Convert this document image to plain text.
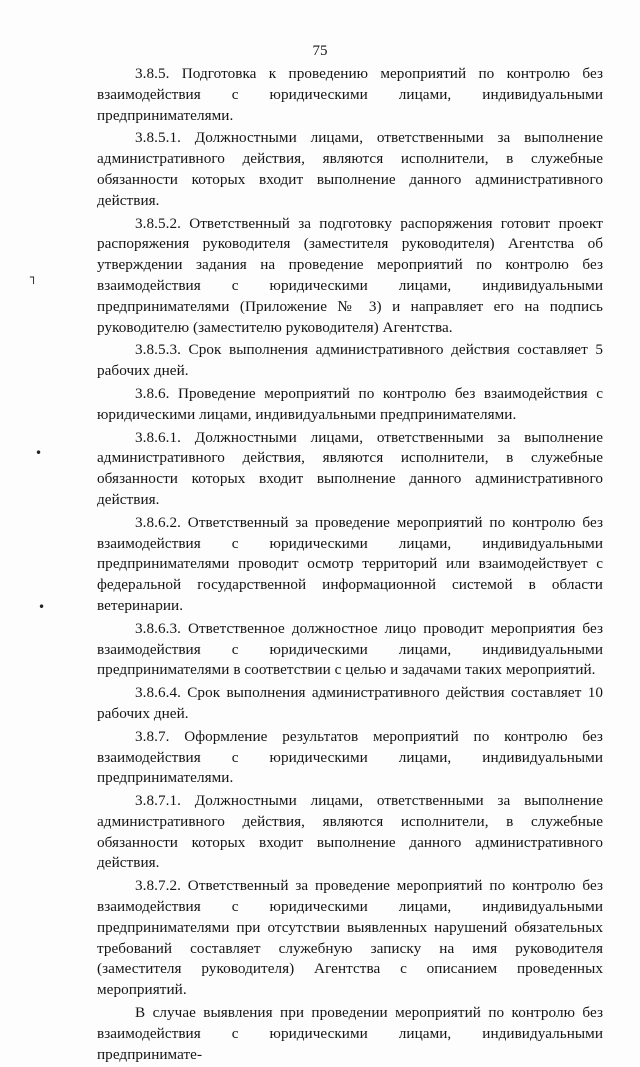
75

3.8.5. Подготовка к проведению мероприятий по контролю без взаимодействия с юридическими лицами, индивидуальными предпринимателями.

3.8.5.1. Должностными лицами, ответственными за выполнение административного действия, являются исполнители, в служебные обязанности которых входит выполнение данного административного действия.

3.8.5.2. Ответственный за подготовку распоряжения готовит проект распоряжения руководителя (заместителя руководителя) Агентства об утверждении задания на проведение мероприятий по контролю без взаимодействия с юридическими лицами, индивидуальными предпринимателями (Приложение № 3) и направляет его на подпись руководителю (заместителю руководителя) Агентства.

3.8.5.3. Срок выполнения административного действия составляет 5 рабочих дней.

3.8.6. Проведение мероприятий по контролю без взаимодействия с юридическими лицами, индивидуальными предпринимателями.

3.8.6.1. Должностными лицами, ответственными за выполнение административного действия, являются исполнители, в служебные обязанности которых входит выполнение данного административного действия.

3.8.6.2. Ответственный за проведение мероприятий по контролю без взаимодействия с юридическими лицами, индивидуальными предпринимателями проводит осмотр территорий или взаимодействует с федеральной государственной информационной системой в области ветеринарии.

3.8.6.3. Ответственное должностное лицо проводит мероприятия без взаимодействия с юридическими лицами, индивидуальными предпринимателями в соответствии с целью и задачами таких мероприятий.

3.8.6.4. Срок выполнения административного действия составляет 10 рабочих дней.

3.8.7. Оформление результатов мероприятий по контролю без взаимодействия с юридическими лицами, индивидуальными предпринимателями.

3.8.7.1. Должностными лицами, ответственными за выполнение административного действия, являются исполнители, в служебные обязанности которых входит выполнение данного административного действия.

3.8.7.2. Ответственный за проведение мероприятий по контролю без взаимодействия с юридическими лицами, индивидуальными предпринимателями при отсутствии выявленных нарушений обязательных требований составляет служебную записку на имя руководителя (заместителя руководителя) Агентства с описанием проведенных мероприятий.

В случае выявления при проведении мероприятий по контролю без взаимодействия с юридическими лицами, индивидуальными предпринимате-

┐
•
•
